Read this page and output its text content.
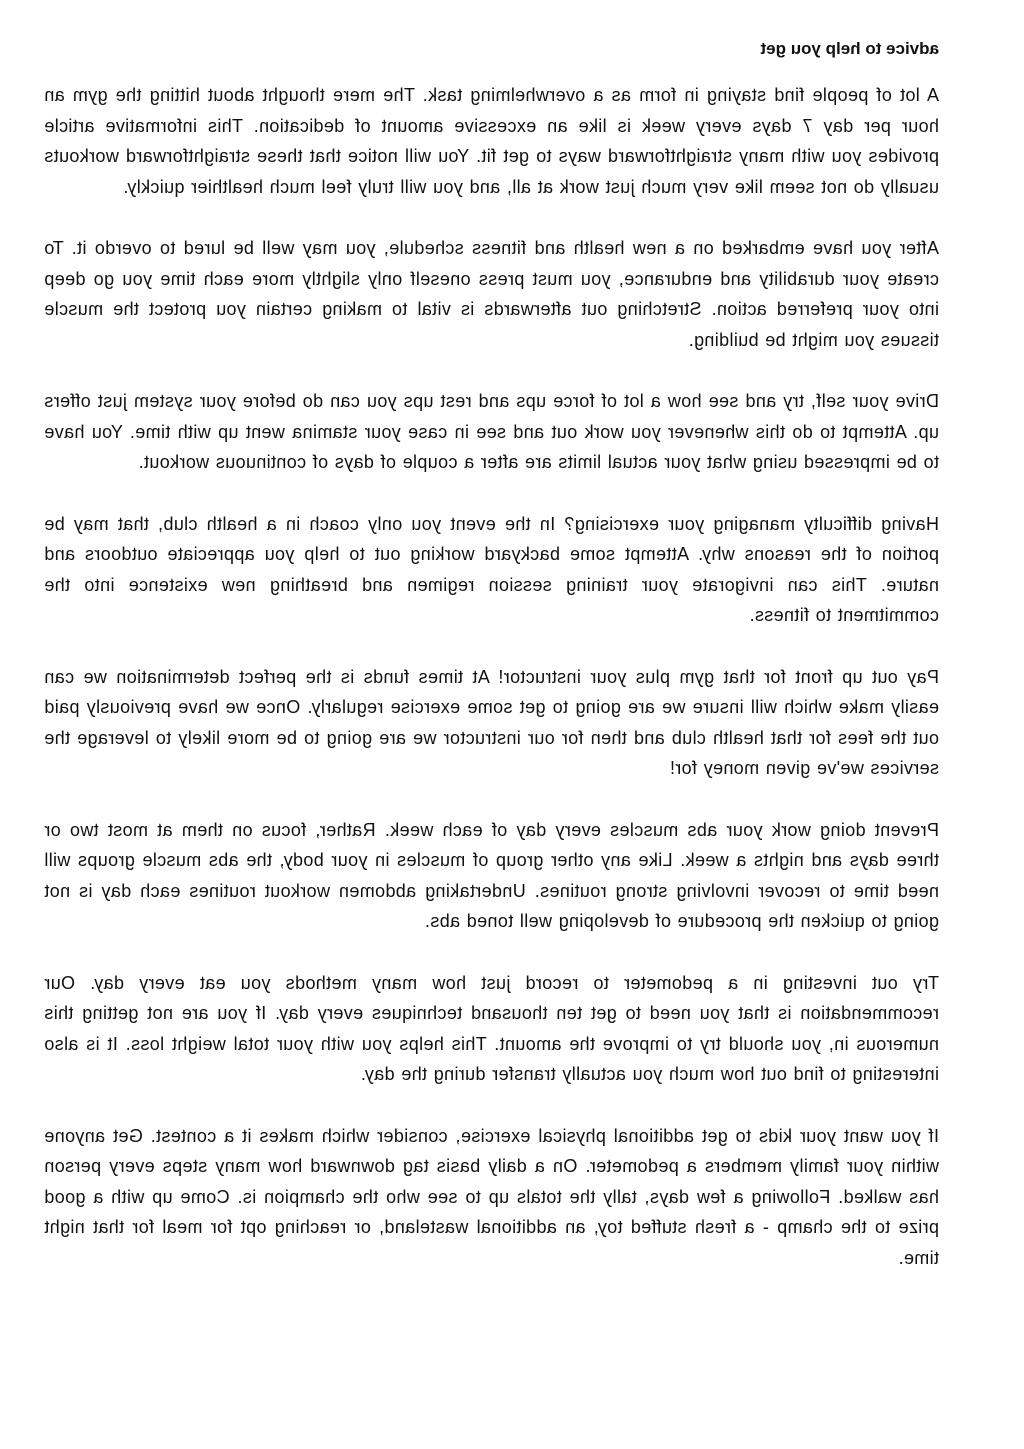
advice to help you get

A lot of people find staying in form as a overwhelming task. The mere thought about hitting the gym an hour per day 7 days every week is like an excessive amount of dedication. This informative article provides you with many straightforward ways to get fit. You will notice that these straightforward workouts usually do not seem like very much just work at all, and you will truly feel much healthier quickly.

After you have embarked on a new health and fitness schedule, you may well be lured to overdo it. To create your durability and endurance, you must press oneself only slightly more each time you go deep into your preferred action. Stretching out afterwards is vital to making certain you protect the muscle tissues you might be building.

Drive your self, try and see how a lot of force ups and rest ups you can do before your system just offers up. Attempt to do this whenever you work out and see in case your stamina went up with time. You have to be impressed using what your actual limits are after a couple of days of continuous workout.

Having difficulty managing your exercising? In the event you only coach in a health club, that may be portion of the reasons why. Attempt some backyard working out to help you appreciate outdoors and nature. This can invigorate your training session regimen and breathing new existence into the commitment to fitness.

Pay out up front for that gym plus your instructor! At times funds is the perfect determination we can easily make which will insure we are going to get some exercise regularly. Once we have previously paid out the fees for that health club and then for our instructor we are going to be more likely to leverage the services we've given money for!

Prevent doing work your abs muscles every day of each week. Rather, focus on them at most two or three days and nights a week. Like any other group of muscles in your body, the abs muscle groups will need time to recover involving strong routines. Undertaking abdomen workout routines each day is not going to quicken the procedure of developing well toned abs.

Try out investing in a pedometer to record just how many methods you eat every day. Our recommendation is that you need to get ten thousand techniques every day. If you are not getting this numerous in, you should try to improve the amount. This helps you with your total weight loss. It is also interesting to find out how much you actually transfer during the day.

If you want your kids to get additional physical exercise, consider which makes it a contest. Get anyone within your family members a pedometer. On a daily basis tag downward how many steps every person has walked. Following a few days, tally the totals up to see who the champion is. Come up with a good prize to the champ - a fresh stuffed toy, an additional wasteland, or reaching opt for meal for that night time.
